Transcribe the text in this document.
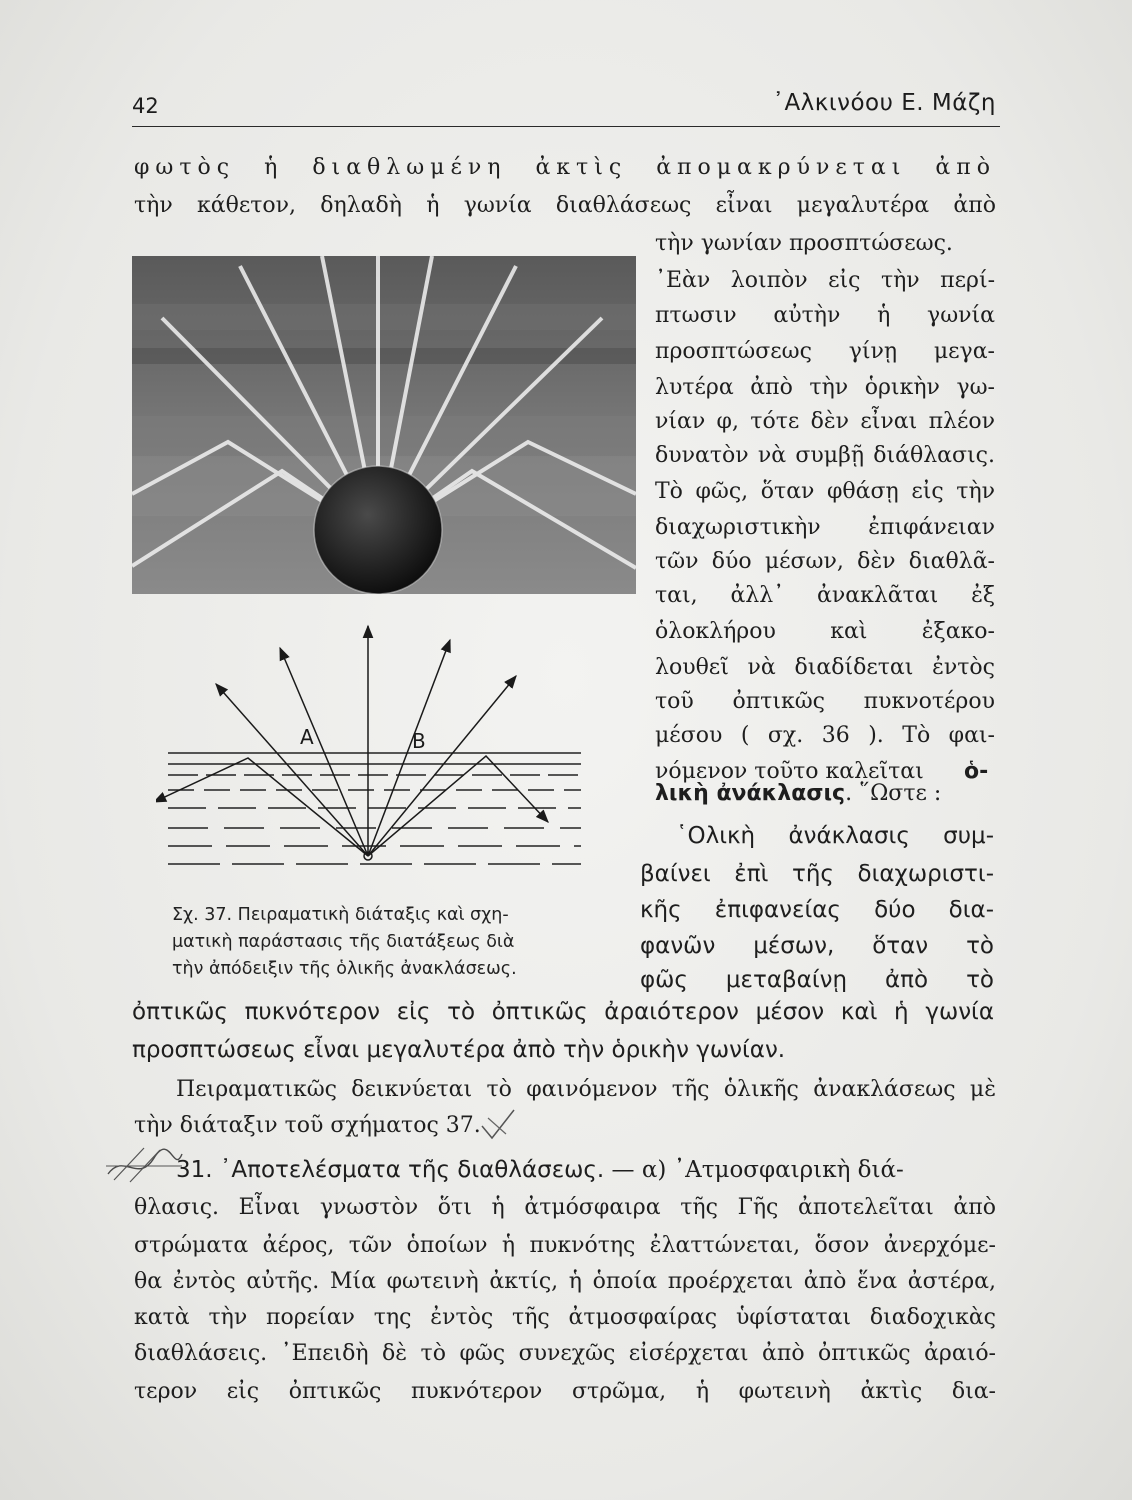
42	᾿Αλκινόου Ε. Μάζη
φωτὸς ἡ διαθλωμένη ἀκτὶς ἀπομακρύνεται ἀπὸ
τὴν κάθετον, δηλαδὴ ἡ γωνία διαθλάσεως εἶναι μεγαλυτέρα ἀπὸ
A	B
τὴν γωνίαν προσπτώσεως.
᾿Εὰν λοιπὸν εἰς τὴν περί-
πτωσιν αὐτὴν ἡ γωνία
προσπτώσεως γίνῃ μεγα-
λυτέρα ἀπὸ τὴν ὁρικὴν γω-
νίαν φ, τότε δὲν εἶναι πλέον
δυνατὸν νὰ συμβῇ διάθλασις.
Τὸ φῶς, ὅταν φθάσῃ εἰς τὴν
διαχωριστικὴν ἐπιφάνειαν
τῶν δύο μέσων, δὲν διαθλᾶ-
ται, ἀλλ᾿ ἀνακλᾶται ἐξ
ὁλοκλήρου καὶ ἐξακο-
λουθεῖ νὰ διαδίδεται ἐντὸς
τοῦ ὀπτικῶς πυκνοτέρου
μέσου ( σχ. 36 ). Τὸ φαι-
νόμενον τοῦτο καλεῖται ὁ-
λικὴ ἀνάκλασις. ῞Ωστε :
῾Ολικὴ ἀνάκλασις συμ-
βαίνει ἐπὶ τῆς διαχωριστι-
κῆς ἐπιφανείας δύο δια-
φανῶν μέσων, ὅταν τὸ
φῶς μεταβαίνῃ ἀπὸ τὸ
Σχ. 37. Πειραματικὴ διάταξις καὶ σχη-
ματικὴ παράστασις τῆς διατάξεως διὰ
τὴν ἀπόδειξιν τῆς ὁλικῆς ἀνακλάσεως.
ὀπτικῶς πυκνότερον εἰς τὸ ὀπτικῶς ἀραιότερον μέσον καὶ ἡ γωνία
προσπτώσεως εἶναι μεγαλυτέρα ἀπὸ τὴν ὁρικὴν γωνίαν.
Πειραματικῶς δεικνύεται τὸ φαινόμενον τῆς ὁλικῆς ἀνακλάσεως μὲ
τὴν διάταξιν τοῦ σχήματος 37.
31. ᾿Αποτελέσματα τῆς διαθλάσεως. — α) ᾿Ατμοσφαιρικὴ διά-
θλασις. Εἶναι γνωστὸν ὅτι ἡ ἀτμόσφαιρα τῆς Γῆς ἀποτελεῖται ἀπὸ
στρώματα ἀέρος, τῶν ὁποίων ἡ πυκνότης ἐλαττώνεται, ὅσον ἀνερχόμε-
θα ἐντὸς αὐτῆς. Μία φωτεινὴ ἀκτίς, ἡ ὁποία προέρχεται ἀπὸ ἕνα ἀστέρα,
κατὰ τὴν πορείαν της ἐντὸς τῆς ἀτμοσφαίρας ὑφίσταται διαδοχικὰς
διαθλάσεις. ᾿Επειδὴ δὲ τὸ φῶς συνεχῶς εἰσέρχεται ἀπὸ ὀπτικῶς ἀραιό-
τερον εἰς ὀπτικῶς πυκνότερον στρῶμα, ἡ φωτεινὴ ἀκτὶς δια-
